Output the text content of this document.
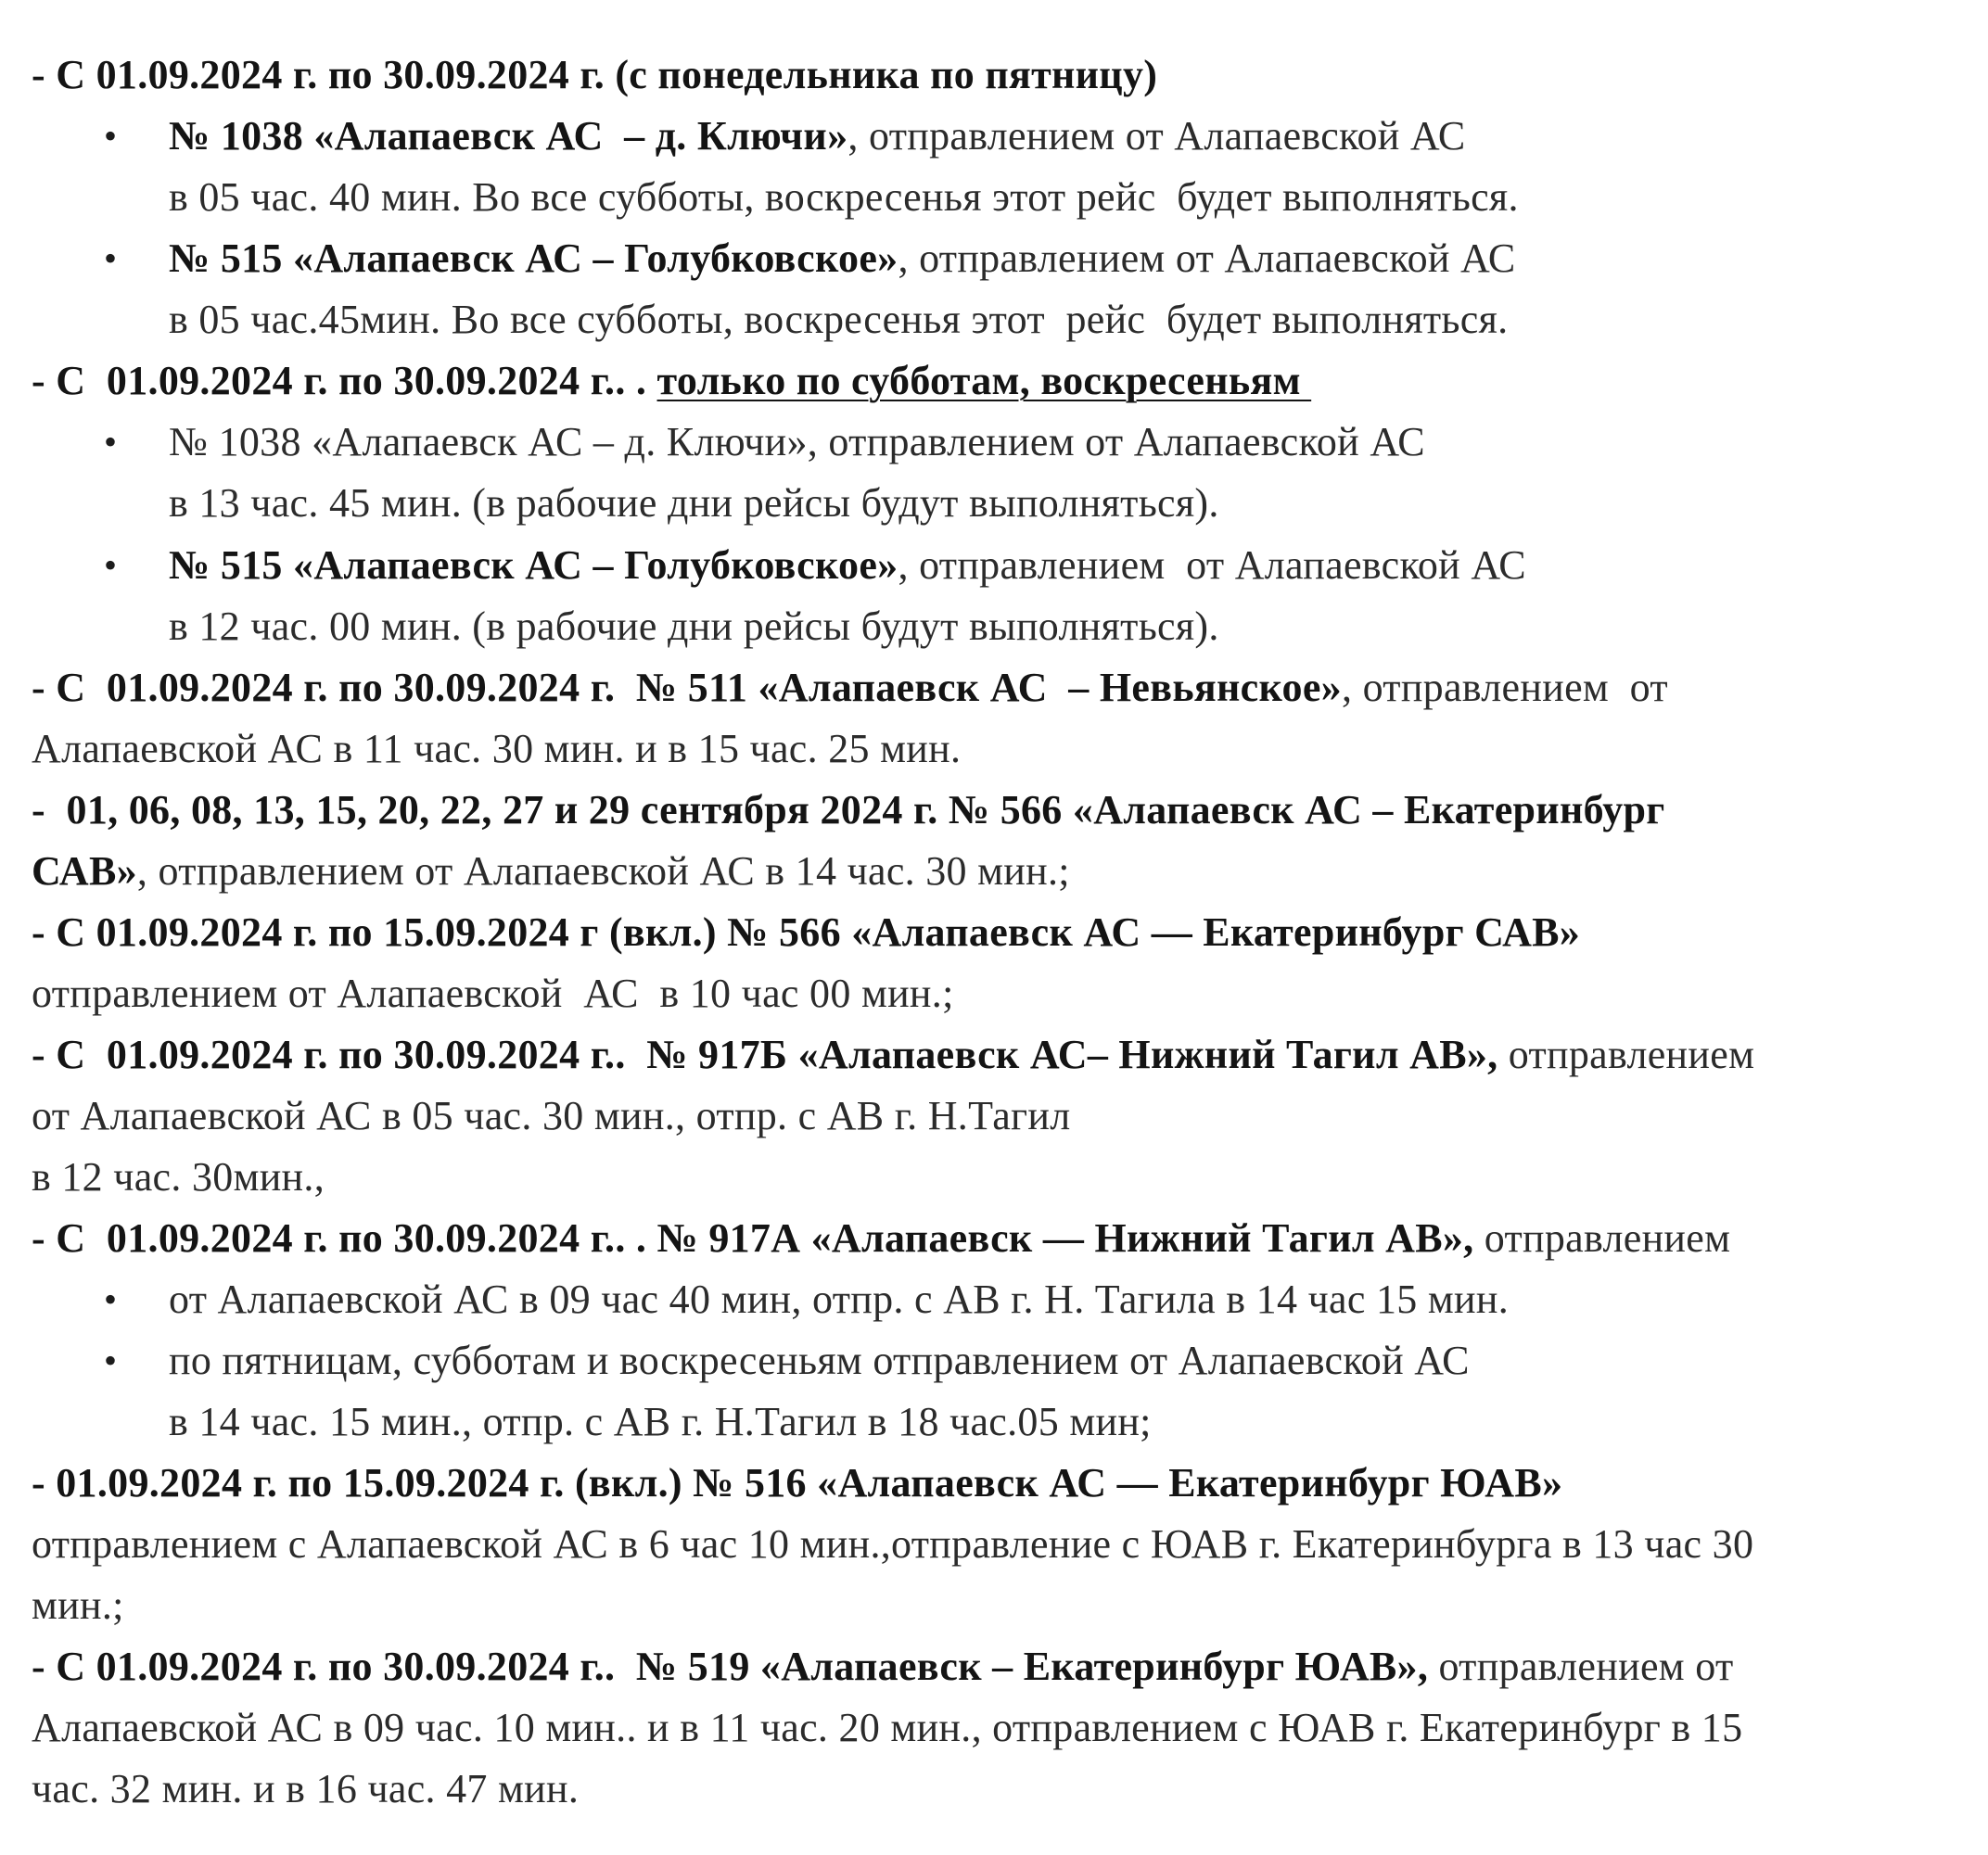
- С 01.09.2024 г. по 30.09.2024 г. (с понедельника по пятницу)
• № 1038 «Алапаевск АС  – д. Ключи», отправлением от Алапаевской АС
в 05 час. 40 мин. Во все субботы, воскресенья этот рейс  будет выполняться.
• № 515 «Алапаевск АС – Голубковское», отправлением от Алапаевской АС
в 05 час.45мин. Во все субботы, воскресенья этот  рейс  будет выполняться.
- С  01.09.2024 г. по 30.09.2024 г.. . только по субботам, воскресеньям
• № 1038 «Алапаевск АС – д. Ключи», отправлением от Алапаевской АС
в 13 час. 45 мин. (в рабочие дни рейсы будут выполняться).
• № 515 «Алапаевск АС – Голубковское», отправлением  от Алапаевской АС
в 12 час. 00 мин. (в рабочие дни рейсы будут выполняться).
- С  01.09.2024 г. по 30.09.2024 г.  № 511 «Алапаевск АС  – Невьянское», отправлением  от
Алапаевской АС в 11 час. 30 мин. и в 15 час. 25 мин.
-  01, 06, 08, 13, 15, 20, 22, 27 и 29 сентября 2024 г. № 566 «Алапаевск АС – Екатеринбург
САВ», отправлением от Алапаевской АС в 14 час. 30 мин.;
- С 01.09.2024 г. по 15.09.2024 г (вкл.) № 566 «Алапаевск АС — Екатеринбург САВ»
отправлением от Алапаевской  АС  в 10 час 00 мин.;
- С  01.09.2024 г. по 30.09.2024 г..  № 917Б «Алапаевск АС– Нижний Тагил АВ», отправлением
от Алапаевской АС в 05 час. 30 мин., отпр. с АВ г. Н.Тагил
в 12 час. 30мин.,
- С  01.09.2024 г. по 30.09.2024 г.. . № 917А «Алапаевск — Нижний Тагил АВ», отправлением
• от Алапаевской АС в 09 час 40 мин, отпр. с АВ г. Н. Тагила в 14 час 15 мин.
• по пятницам, субботам и воскресеньям отправлением от Алапаевской АС
в 14 час. 15 мин., отпр. с АВ г. Н.Тагил в 18 час.05 мин;
- 01.09.2024 г. по 15.09.2024 г. (вкл.) № 516 «Алапаевск АС — Екатеринбург ЮАВ»
отправлением с Алапаевской АС в 6 час 10 мин.,отправление с ЮАВ г. Екатеринбурга в 13 час 30
мин.;
- С 01.09.2024 г. по 30.09.2024 г..  № 519 «Алапаевск – Екатеринбург ЮАВ», отправлением от
Алапаевской АС в 09 час. 10 мин.. и в 11 час. 20 мин., отправлением с ЮАВ г. Екатеринбург в 15
час. 32 мин. и в 16 час. 47 мин.
